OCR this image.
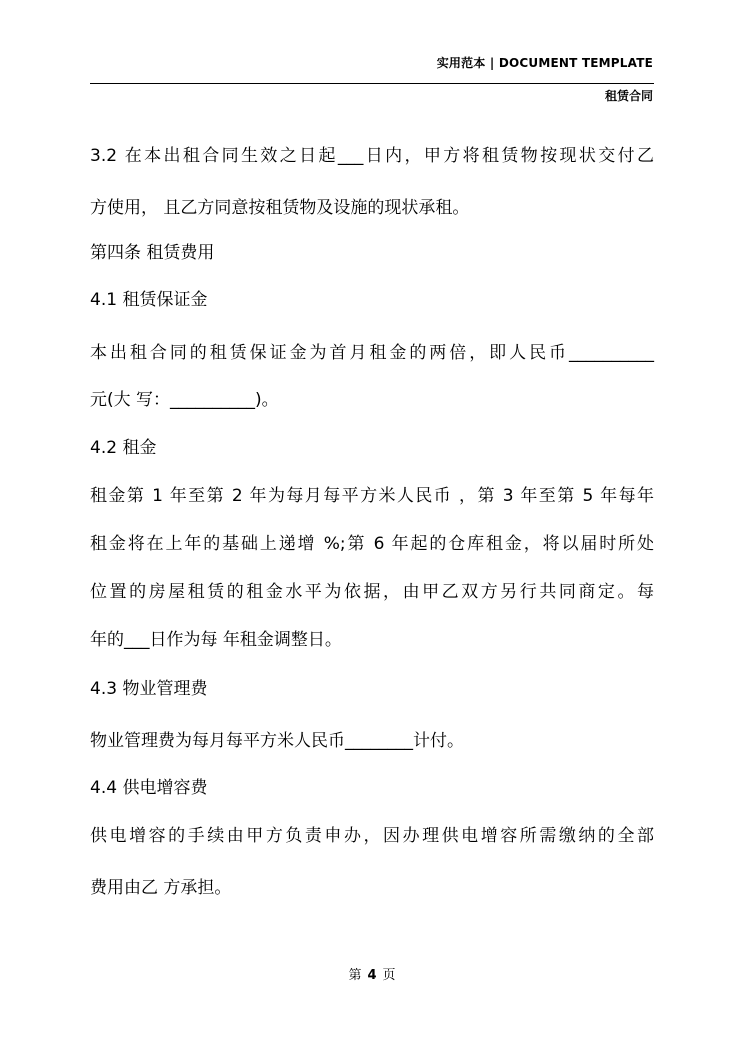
实用范本 | DOCUMENT TEMPLATE
租赁合同
3.2 在本出租合同生效之日起___日内，甲方将租赁物按现状交付乙
方使用， 且乙方同意按租赁物及设施的现状承租。
第四条 租赁费用
4.1 租赁保证金
本出租合同的租赁保证金为首月租金的两倍，即人民币__________
元(大 写：__________)。
4.2 租金
租金第 1 年至第 2 年为每月每平方米人民币 ，第 3 年至第 5 年每年
租金将在上年的基础上递增 %;第 6 年起的仓库租金，将以届时所处
位置的房屋租赁的租金水平为依据，由甲乙双方另行共同商定。每
年的___日作为每 年租金调整日。
4.3 物业管理费
物业管理费为每月每平方米人民币________计付。
4.4 供电增容费
供电增容的手续由甲方负责申办，因办理供电增容所需缴纳的全部
费用由乙 方承担。
第 4 页
